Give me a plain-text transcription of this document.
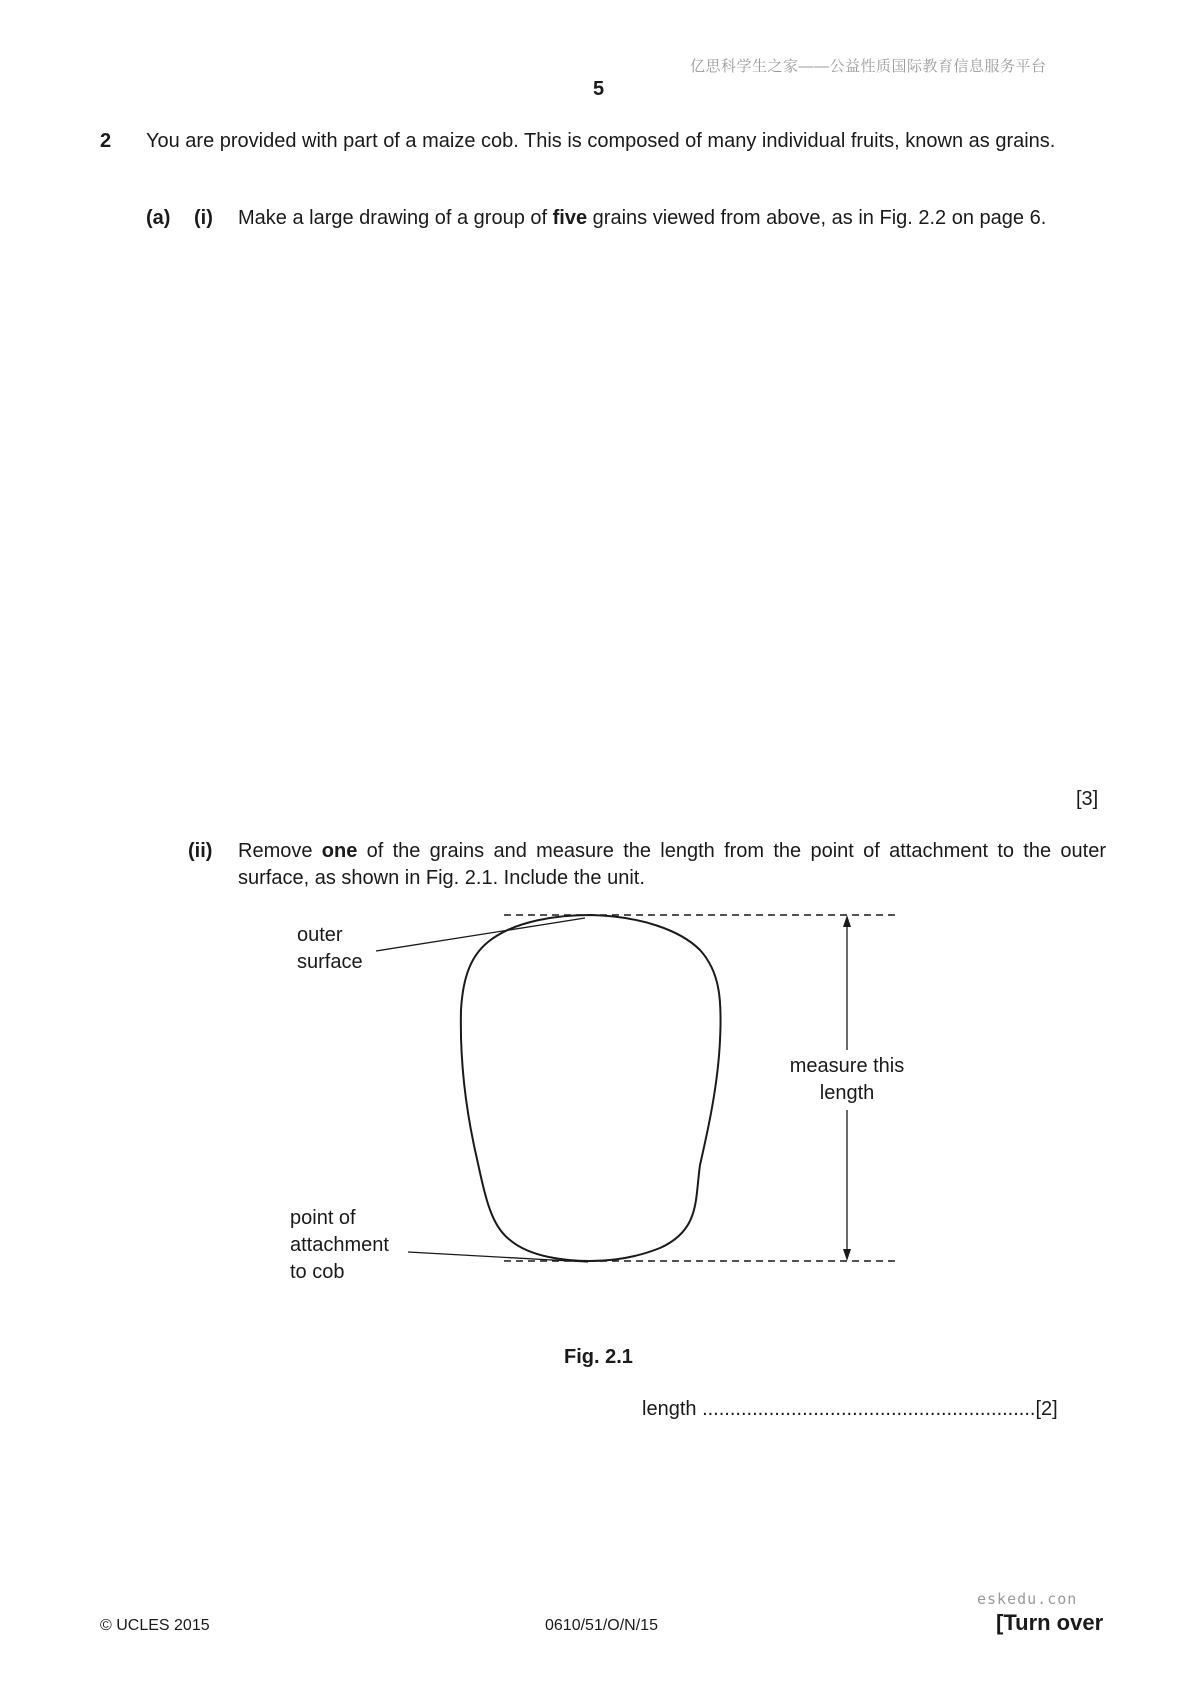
亿思科学生之家——公益性质国际教育信息服务平台
5
2 You are provided with part of a maize cob. This is composed of many individual fruits, known as grains.
(a) (i) Make a large drawing of a group of five grains viewed from above, as in Fig. 2.2 on page 6.
[3]
(ii) Remove one of the grains and measure the length from the point of attachment to the outer surface, as shown in Fig. 2.1. Include the unit.
outer
surface
measure this
length
point of
attachment
to cob
Fig. 2.1
length ............................................................[2]
eskedu.con
© UCLES 2015	0610/51/O/N/15	[Turn over
